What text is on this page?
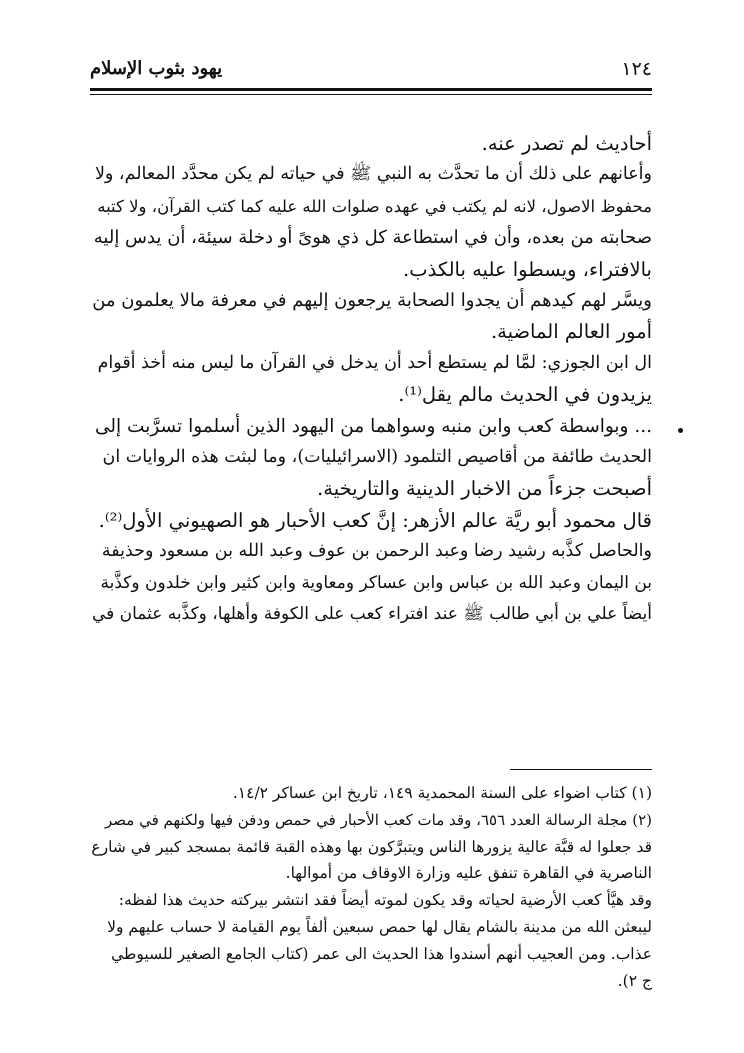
١٢٤
يهود بثوب الإسلام
أحاديث لم تصدر عنه.
وأعانهم على ذلك أن ما تحدَّث به النبي ﷺ في حياته لم يكن محدَّد المعالم، ولا
محفوظ الاصول، لانه لم يكتب في عهده صلوات الله عليه كما كتب القرآن، ولا كتبه
صحابته من بعده، وأن في استطاعة كل ذي هوىً أو دخلة سيئة، أن يدس إليه
بالافتراء، ويسطوا عليه بالكذب.
ويسَّر لهم كيدهم أن يجدوا الصحابة يرجعون إليهم في معرفة مالا يعلمون من
أمور العالم الماضية.
ال ابن الجوزي: لمَّا لم يستطع أحد أن يدخل في القرآن ما ليس منه أخذ أقوام
يزيدون في الحديث مالم يقل⁽¹⁾.
... وبواسطة كعب وابن منبه وسواهما من اليهود الذين أسلموا تسرَّبت إلى
الحديث طائفة من أقاصيص التلمود (الاسرائيليات)، وما لبثت هذه الروايات ان
أصبحت جزءاً من الاخبار الدينية والتاريخية.
قال محمود أبو ريَّة عالم الأزهر: إنَّ كعب الأحبار هو الصهيوني الأول⁽²⁾.
والحاصل كذَّبه رشيد رضا وعبد الرحمن بن عوف وعبد الله بن مسعود وحذيفة
بن اليمان وعبد الله بن عباس وابن عساكر ومعاوية وابن كثير وابن خلدون وكذَّبة
أيضاً علي بن أبي طالب ﷺ عند افتراء كعب على الكوفة وأهلها، وكذَّبه عثمان في
(١) كتاب اضواء على السنة المحمدية ١٤٩، تاريخ ابن عساكر ١٤/٢.
(٢) مجلة الرسالة العدد ٦٥٦، وقد مات كعب الأحبار في حمص ودفن فيها ولكنهم في مصر
قد جعلوا له قبَّة عالية يزورها الناس ويتبرَّكون بها وهذه القبة قائمة بمسجد كبير في شارع
الناصرية في القاهرة تنفق عليه وزارة الاوقاف من أموالها.
وقد هيَّأ كعب الأرضية لحياته وقد يكون لموته أيضاً فقد انتشر بيركته حديث هذا لفظه:
ليبعثن الله من مدينة بالشام يقال لها حمص سبعين ألفاً يوم القيامة لا حساب عليهم ولا
عذاب. ومن العجيب أنهم أسندوا هذا الحديث الى عمر (كتاب الجامع الصغير للسيوطي
ج ٢).
